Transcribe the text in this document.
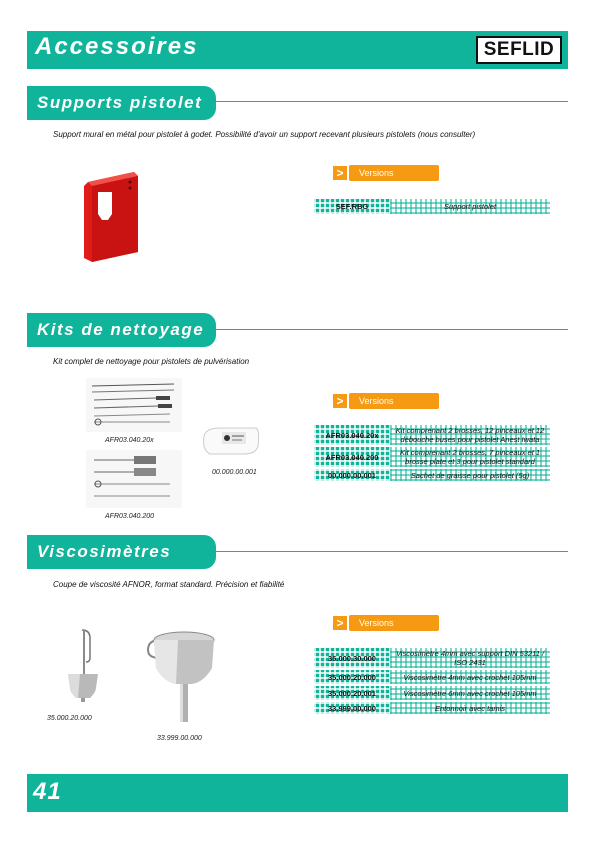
Accessoires	SEFLID
Supports pistolet
Support mural en métal pour pistolet à godet. Possibilité d'avoir un support recevant plusieurs pistolets (nous consulter)
>	Versions
SEF.RBG	Support pistolet
Kits de nettoyage
Kit complet de nettoyage pour pistolets de pulvérisation
AFR03.040.20x
AFR03.040.200
00.000.00.001
>	Versions
AFR03.040.20x	Kit comprenant 2 brosses, 12 pinceaux et 12 débouche buses pour pistolet Anest Iwata

AFR03.040.200	Kit comprenant 2 brosses, 7 pinceaux et 1 brosse plate et 3 pour pistolet standard

00.000.00.001	Sachet de graisse pour pistolet (5g)
Viscosimètres
Coupe de viscosité AFNOR, format standard. Précision et fiabilité
35.000.20.000
33.999.00.000
>	Versions
35.000.30.000	Viscosimètre 4mm avec support DIN 53211 / ISO 2431

35.000.20.000	Viscosimètre 4mm avec crochet 105mm

35.000.20.001	Viscosimètre 6mm avec crochet 105mm

33.999.00.000	Entonnoir avec tamis
41
